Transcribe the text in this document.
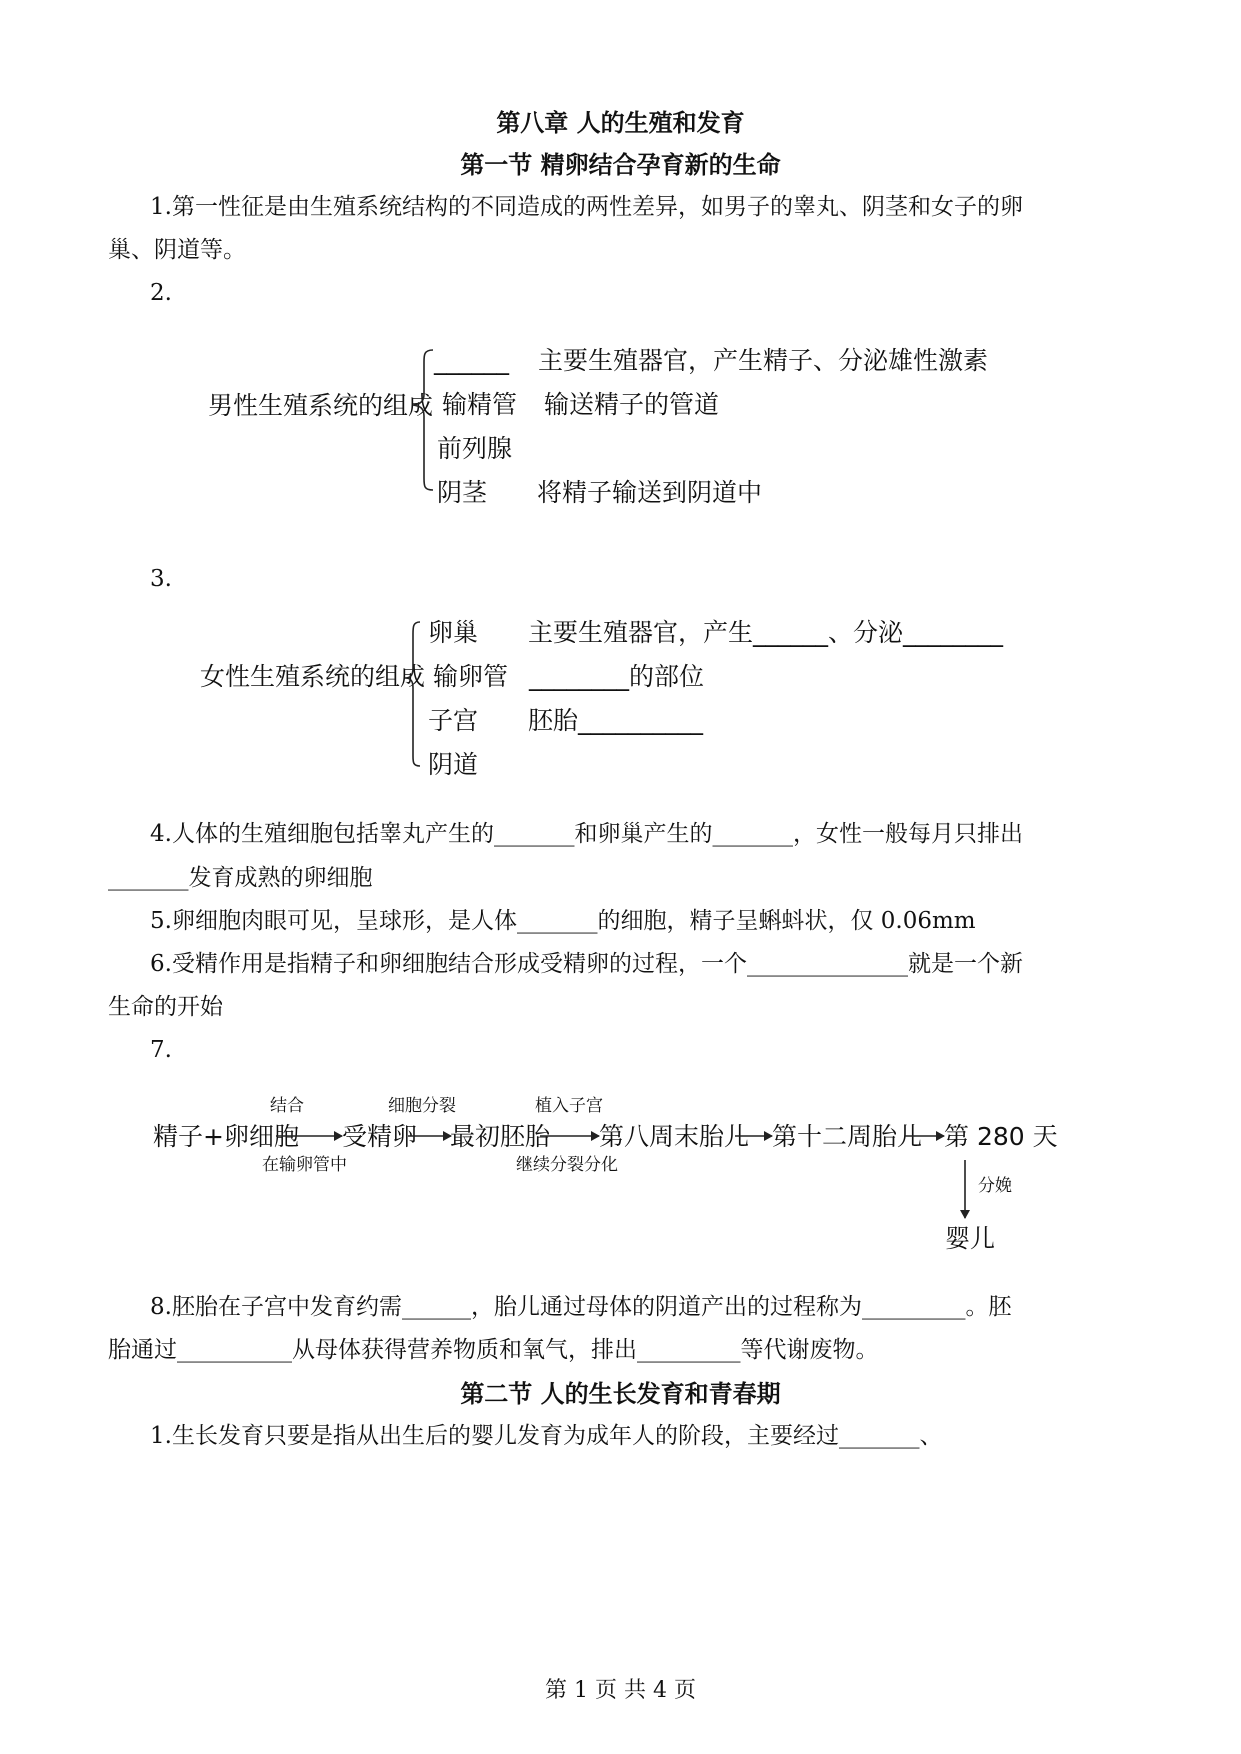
第八章 人的生殖和发育
第一节 精卵结合孕育新的生命
1.第一性征是由生殖系统结构的不同造成的两性差异，如男子的睾丸、阴茎和女子的卵
巢、阴道等。
2.
男性生殖系统的组成
______ 主要生殖器官，产生精子、分泌雄性激素
输精管 输送精子的管道
前列腺
阴茎 将精子输送到阴道中
3.
女性生殖系统的组成
卵巢 主要生殖器官，产生______、分泌________
输卵管 ________的部位
子宫 胚胎__________
阴道
4.人体的生殖细胞包括睾丸产生的_______和卵巢产生的_______，女性一般每月只排出
_______发育成熟的卵细胞
5.卵细胞肉眼可见，呈球形，是人体_______的细胞，精子呈蝌蚪状，仅 0.06mm
6.受精作用是指精子和卵细胞结合形成受精卵的过程，一个______________就是一个新
生命的开始
7.
精子+卵细胞 受精卵 最初胚胎 第八周末胎儿 第十二周胎儿 第 280 天
婴儿
结合	细胞分裂	植入子宫
在输卵管中	继续分裂分化
分娩
8.胚胎在子宫中发育约需______，胎儿通过母体的阴道产出的过程称为_________。胚
胎通过__________从母体获得营养物质和氧气，排出_________等代谢废物。
第二节 人的生长发育和青春期
1.生长发育只要是指从出生后的婴儿发育为成年人的阶段，主要经过_______、
第 1 页 共 4 页
